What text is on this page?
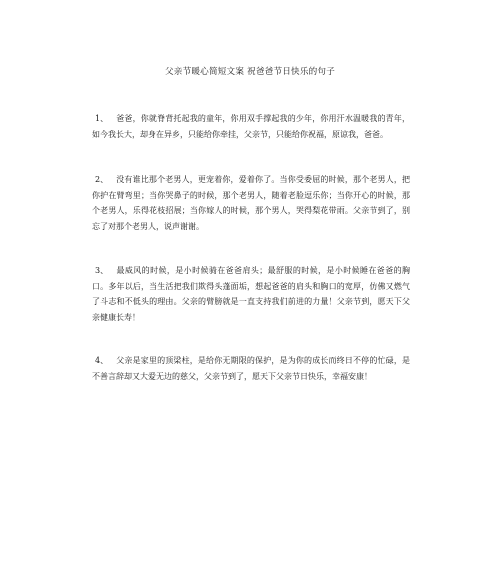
父亲节暖心简短文案 祝爸爸节日快乐的句子
1、 爸爸，你就脊背托起我的童年，你用双手撑起我的少年，你用汗水温暖我的青年，如今我长大，却身在异乡，只能给你牵挂，父亲节，只能给你祝福，原谅我，爸爸。
2、 没有谁比那个老男人，更宠着你，爱着你了。当你受委屈的时候，那个老男人，把你护在臂弯里；当你哭鼻子的时候，那个老男人，随着老脸逗乐你；当你开心的时候，那个老男人，乐得花枝招展；当你嫁人的时候，那个男人，哭得梨花带雨。父亲节到了，别忘了对那个老男人，说声谢谢。
3、 最威风的时候，是小时候骑在爸爸肩头；最舒服的时候，是小时候睡在爸爸的胸口。多年以后，当生活把我们欺得头蓬面垢，想起爸爸的肩头和胸口的宽厚，仿佛又燃气了斗志和不低头的理由。父亲的臂膀就是一直支持我们前进的力量！父亲节到，愿天下父亲健康长寿！
4、 父亲是家里的顶梁柱，是给你无期限的保护，是为你的成长而终日不停的忙碌，是不善言辞却又大爱无边的慈父，父亲节到了，愿天下父亲节日快乐，幸福安康！
